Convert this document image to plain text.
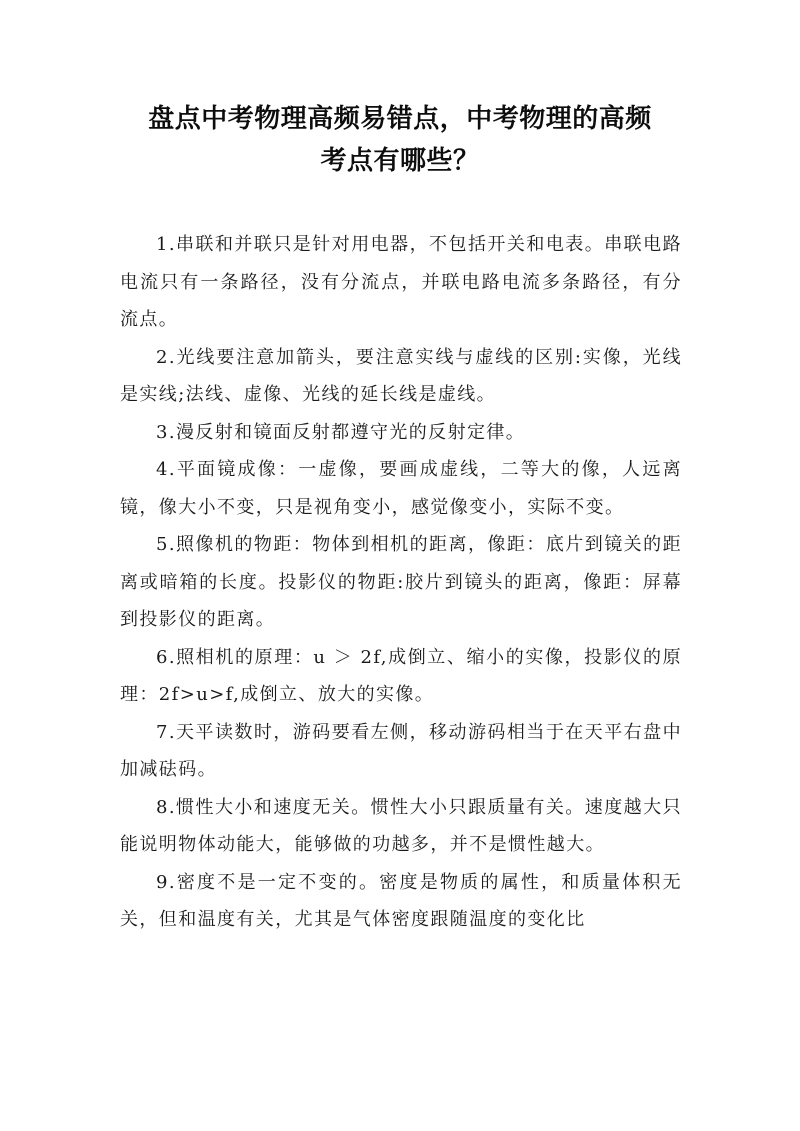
盘点中考物理高频易错点，中考物理的高频
考点有哪些？

1.串联和并联只是针对用电器，不包括开关和电表。串联电路电流只有一条路径，没有分流点，并联电路电流多条路径，有分流点。

2.光线要注意加箭头，要注意实线与虚线的区别:实像，光线是实线;法线、虚像、光线的延长线是虚线。

3.漫反射和镜面反射都遵守光的反射定律。

4.平面镜成像：一虚像，要画成虚线，二等大的像，人远离镜，像大小不变，只是视角变小，感觉像变小，实际不变。

5.照像机的物距：物体到相机的距离，像距：底片到镜关的距离或暗箱的长度。投影仪的物距:胶片到镜头的距离，像距：屏幕到投影仪的距离。

6.照相机的原理：u ＞ 2f,成倒立、缩小的实像，投影仪的原理：2f>u>f,成倒立、放大的实像。

7.天平读数时，游码要看左侧，移动游码相当于在天平右盘中加减砝码。

8.惯性大小和速度无关。惯性大小只跟质量有关。速度越大只能说明物体动能大，能够做的功越多，并不是惯性越大。

9.密度不是一定不变的。密度是物质的属性，和质量体积无关，但和温度有关，尤其是气体密度跟随温度的变化比
